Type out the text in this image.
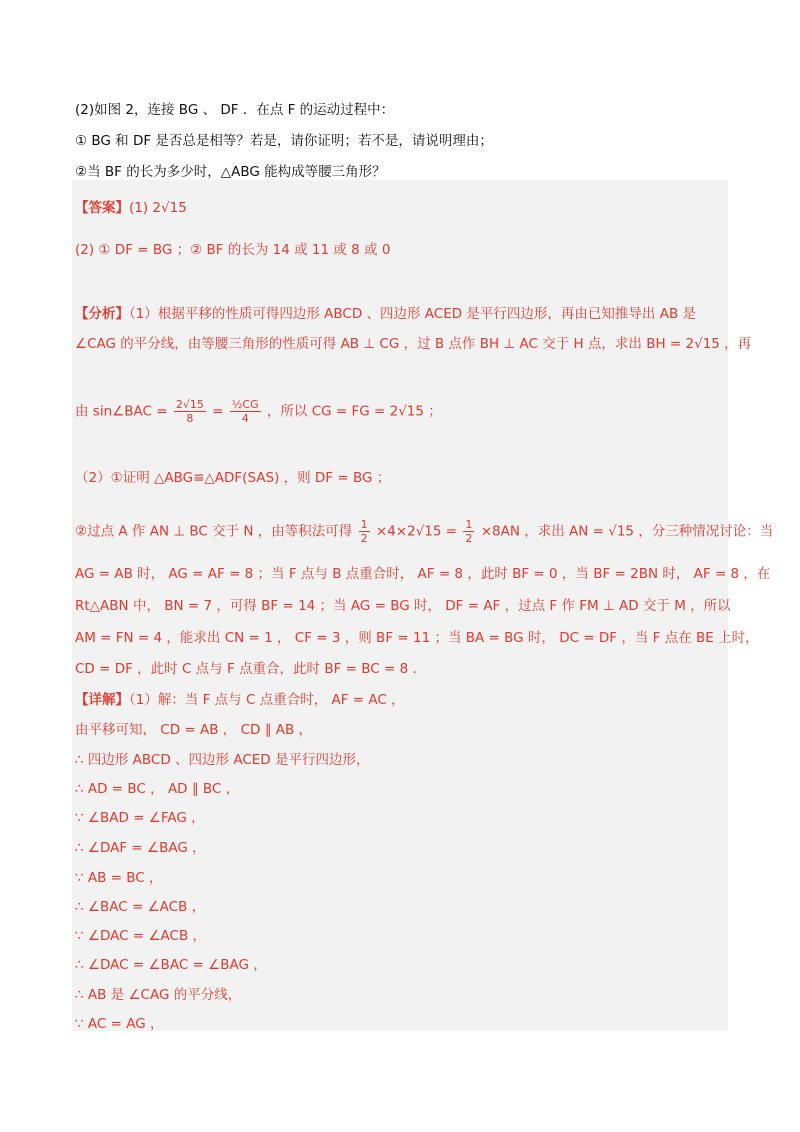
(2)如图 2，连接 BG 、 DF ．在点 F 的运动过程中：
① BG 和 DF 是否总是相等？若是，请你证明；若不是，请说明理由；
②当 BF 的长为多少时，△ABG 能构成等腰三角形？
【答案】(1) 2√15
(2) ① DF = BG ；② BF 的长为 14 或 11 或 8 或 0
【分析】（1）根据平移的性质可得四边形 ABCD 、四边形 ACED 是平行四边形，再由已知推导出 AB 是
∠CAG 的平分线，由等腰三角形的性质可得 AB ⊥ CG ，过 B 点作 BH ⊥ AC 交于 H 点，求出 BH = 2√15 ，再
由 sin∠BAC = $\frac{2√15}{8} = \frac{\text{½CG}}{4}$ ，所以 CG = FG = 2√15 ；
（2）①证明 △ABG≌△ADF(SAS) ，则 DF = BG ；
②过点 A 作 AN ⊥ BC 交于 N ，由等积法可得 $\frac{1}{2} \times 4\times 2√15 = \frac{1}{2} \times 8AN$ ，求出 AN = √15 ，分三种情况讨论：当
AG = AB 时， AG = AF = 8 ；当 F 点与 B 点重合时， AF = 8 ，此时 BF = 0 ，当 BF = 2BN 时， AF = 8 ，在
Rt△ABN 中， BN = 7 ，可得 BF = 14 ；当 AG = BG 时， DF = AF ，过点 F 作 FM ⊥ AD 交于 M ，所以
AM = FN = 4 ，能求出 CN = 1 ， CF = 3 ，则 BF = 11 ；当 BA = BG 时， DC = DF ，当 F 点在 BE 上时，
CD = DF ，此时 C 点与 F 点重合，此时 BF = BC = 8 ．
【详解】（1）解：当 F 点与 C 点重合时， AF = AC ，
由平移可知， CD = AB ， CD ∥ AB ，
∴ 四边形 ABCD 、四边形 ACED 是平行四边形，
∴ AD = BC ， AD ∥ BC ，
∵ ∠BAD = ∠FAG ，
∴ ∠DAF = ∠BAG ，
∵ AB = BC ，
∴ ∠BAC = ∠ACB ，
∵ ∠DAC = ∠ACB ，
∴ ∠DAC = ∠BAC = ∠BAG ，
∴ AB 是 ∠CAG 的平分线，
∵ AC = AG ，
